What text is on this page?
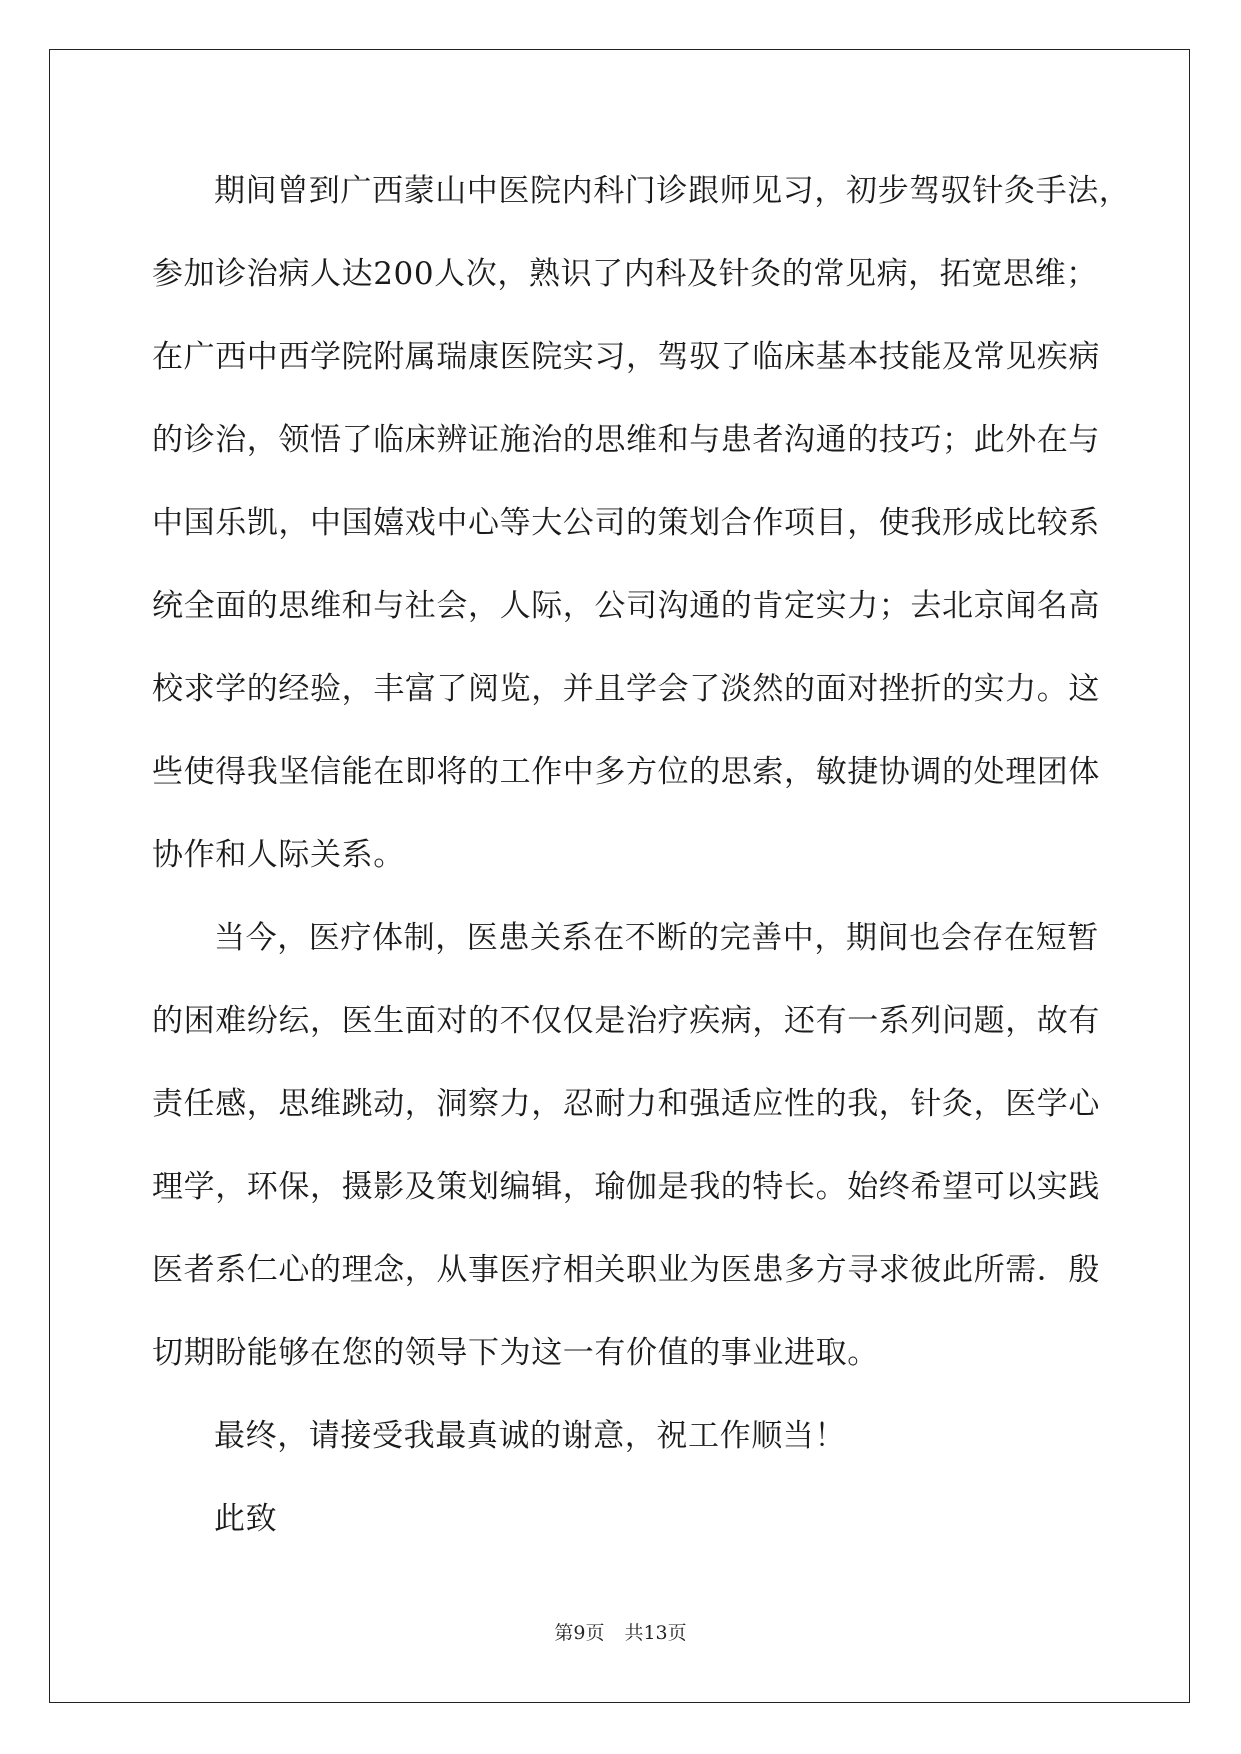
期间曾到广西蒙山中医院内科门诊跟师见习，初步驾驭针灸手法，
参加诊治病人达200人次，熟识了内科及针灸的常见病，拓宽思维；
在广西中西学院附属瑞康医院实习，驾驭了临床基本技能及常见疾病
的诊治，领悟了临床辨证施治的思维和与患者沟通的技巧；此外在与
中国乐凯，中国嬉戏中心等大公司的策划合作项目，使我形成比较系
统全面的思维和与社会，人际，公司沟通的肯定实力；去北京闻名高
校求学的经验，丰富了阅览，并且学会了淡然的面对挫折的实力。这
些使得我坚信能在即将的工作中多方位的思索，敏捷协调的处理团体
协作和人际关系。
当今，医疗体制，医患关系在不断的完善中，期间也会存在短暂
的困难纷纭，医生面对的不仅仅是治疗疾病，还有一系列问题，故有
责任感，思维跳动，洞察力，忍耐力和强适应性的我，针灸，医学心
理学，环保，摄影及策划编辑，瑜伽是我的特长。始终希望可以实践
医者系仁心的理念，从事医疗相关职业为医患多方寻求彼此所需．殷
切期盼能够在您的领导下为这一有价值的事业进取。
最终，请接受我最真诚的谢意，祝工作顺当！
此致
第9页 共13页
